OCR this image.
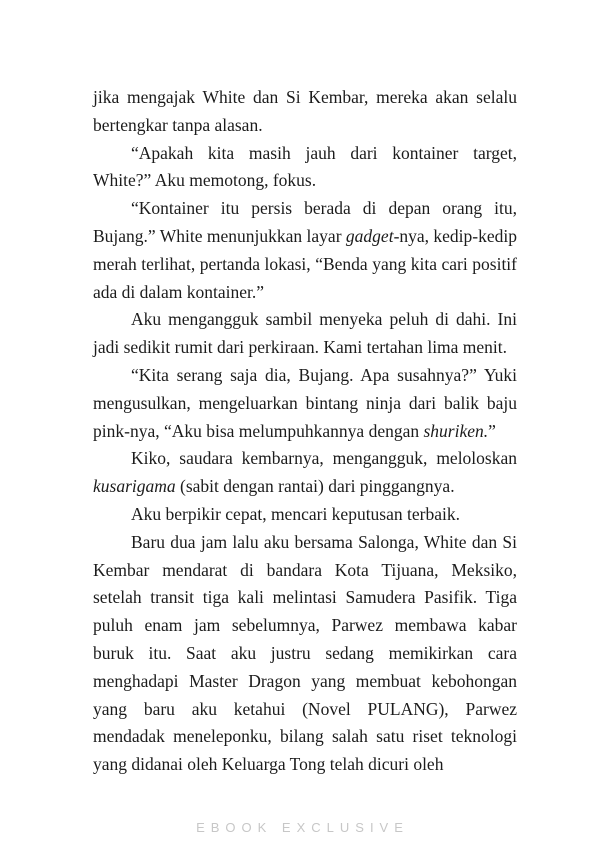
jika mengajak White dan Si Kembar, mereka akan selalu bertengkar tanpa alasan.

“Apakah kita masih jauh dari kontainer target, White?” Aku memotong, fokus.

“Kontainer itu persis berada di depan orang itu, Bujang.” White menunjukkan layar gadget-nya, kedip-kedip merah terlihat, pertanda lokasi, “Benda yang kita cari positif ada di dalam kontainer.”

Aku mengangguk sambil menyeka peluh di dahi. Ini jadi sedikit rumit dari perkiraan. Kami tertahan lima menit.

“Kita serang saja dia, Bujang. Apa susahnya?” Yuki mengusulkan, mengeluarkan bintang ninja dari balik baju pink-nya, “Aku bisa melumpuhkannya dengan shuriken.”

Kiko, saudara kembarnya, mengangguk, meloloskan kusarigama (sabit dengan rantai) dari pinggangnya.

Aku berpikir cepat, mencari keputusan terbaik.

Baru dua jam lalu aku bersama Salonga, White dan Si Kembar mendarat di bandara Kota Tijuana, Meksiko, setelah transit tiga kali melintasi Samudera Pasifik. Tiga puluh enam jam sebelumnya, Parwez membawa kabar buruk itu. Saat aku justru sedang memikirkan cara menghadapi Master Dragon yang membuat kebohongan yang baru aku ketahui (Novel PULANG), Parwez mendadak meneleponku, bilang salah satu riset teknologi yang didanai oleh Keluarga Tong telah dicuri oleh

EBOOK EXCLUSIVE
